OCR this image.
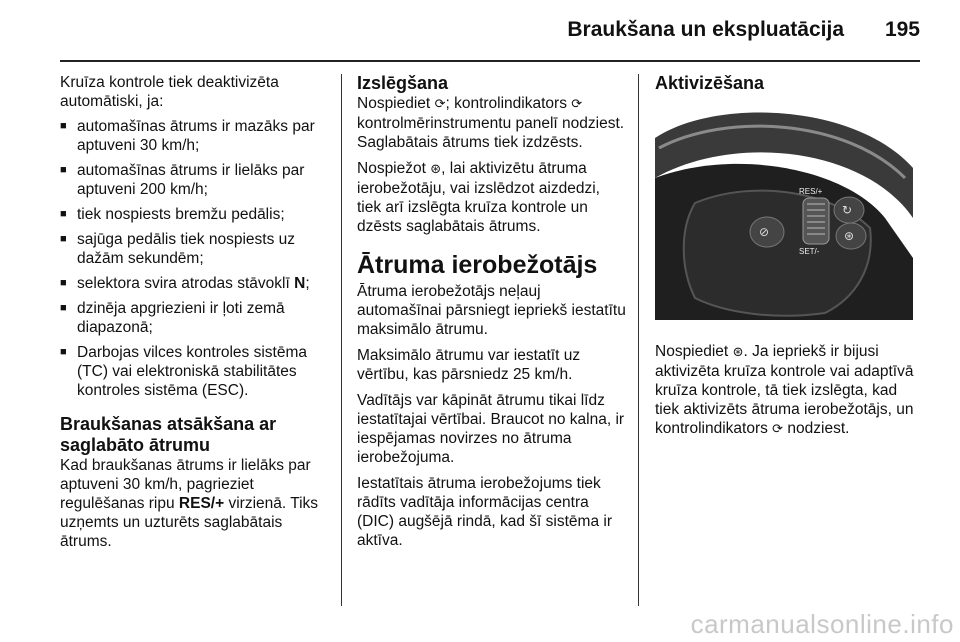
Braukšana un ekspluatācija 195

Kruīza kontrole tiek deaktivizēta automātiski, ja:

■ automašīnas ātrums ir mazāks par aptuveni 30 km/h;
■ automašīnas ātrums ir lielāks par aptuveni 200 km/h;
■ tiek nospiests bremžu pedālis;
■ sajūga pedālis tiek nospiests uz dažām sekundēm;
■ selektora svira atrodas stāvoklī N;
■ dzinēja apgriezieni ir ļoti zemā diapazonā;
■ Darbojas vilces kontroles sistēma (TC) vai elektroniskā stabilitātes kontroles sistēma (ESC).
Braukšanas atsākšana ar saglabāto ātrumu

Kad braukšanas ātrums ir lielāks par aptuveni 30 km/h, pagrieziet regulēšanas ripu RES/+ virzienā. Tiks uzņemts un uzturēts saglabātais ātrums.

Izslēgšana

Nospiediet ⟳; kontrolindikators ⟳ kontrolmērinstrumentu panelī nodziest. Saglabātais ātrums tiek izdzēsts.

Nospiežot ⊛, lai aktivizētu ātruma ierobežotāju, vai izslēdzot aizdedzi, tiek arī izslēgta kruīza kontrole un dzēsts saglabātais ātrums.

Ātruma ierobežotājs

Ātruma ierobežotājs neļauj automašīnai pārsniegt iepriekš iestatītu maksimālo ātrumu.

Maksimālo ātrumu var iestatīt uz vērtību, kas pārsniedz 25 km/h.

Vadītājs var kāpināt ātrumu tikai līdz iestatītajai vērtībai. Braucot no kalna, ir iespējamas novirzes no ātruma ierobežojuma.

Iestatītais ātruma ierobežojums tiek rādīts vadītāja informācijas centra (DIC) augšējā rindā, kad šī sistēma ir aktīva.

Aktivizēšana
⊘
↻
⊛
RES/+
SET/-

Nospiediet ⊛. Ja iepriekš ir bijusi aktivizēta kruīza kontrole vai adaptīvā kruīza kontrole, tā tiek izslēgta, kad tiek aktivizēts ātruma ierobežotājs, un kontrolindikators ⟳ nodziest.

carmanualsonline.info
